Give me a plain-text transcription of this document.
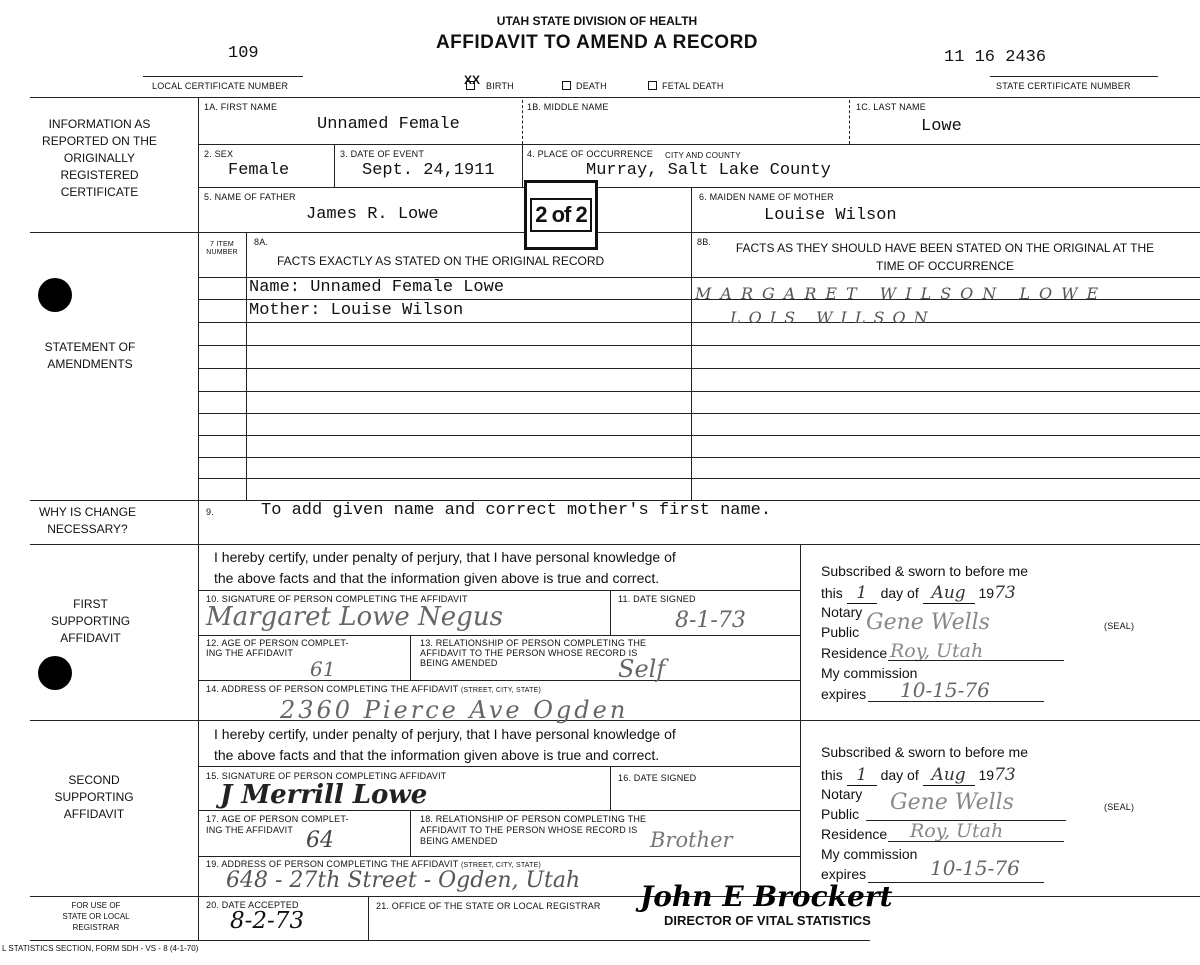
UTAH STATE DIVISION OF HEALTH
AFFIDAVIT TO AMEND A RECORD
109
LOCAL CERTIFICATE NUMBER
11 16 2436
STATE CERTIFICATE NUMBER
XX BIRTH	DEATH	FETAL DEATH
INFORMATION AS REPORTED ON THE ORIGINALLY REGISTERED CERTIFICATE
STATEMENT OF AMENDMENTS
WHY IS CHANGE NECESSARY?
FIRST SUPPORTING AFFIDAVIT
SECOND SUPPORTING AFFIDAVIT
FOR USE OF STATE OR LOCAL REGISTRAR
1A. FIRST NAME
Unnamed Female
1B. MIDDLE NAME	1C. LAST NAME
Lowe
2. SEX
Female
3. DATE OF EVENT
Sept. 24,1911
4. PLACE OF OCCURRENCE CITY AND COUNTY
Murray, Salt Lake County
5. NAME OF FATHER
James R. Lowe
6. MAIDEN NAME OF MOTHER
Louise Wilson
2 of 2
7 ITEM NUMBER
8A.
FACTS EXACTLY AS STATED ON THE ORIGINAL RECORD
8B.	FACTS AS THEY SHOULD HAVE BEEN STATED ON THE ORIGINAL AT THE TIME OF OCCURRENCE
Name: Unnamed Female Lowe	MARGARET WILSON LOWE
Mother: Louise Wilson	LOIS WILSON
9.	To add given name and correct mother's first name.
I hereby certify, under penalty of perjury, that I have personal knowledge of
the above facts and that the information given above is true and correct.
10. SIGNATURE OF PERSON COMPLETING THE AFFIDAVIT
Margaret Lowe Negus
11. DATE SIGNED
8-1-73
12. AGE OF PERSON COMPLET-
ING THE AFFIDAVIT
61
13. RELATIONSHIP OF PERSON COMPLETING THE
AFFIDAVIT TO THE PERSON WHOSE RECORD IS
BEING AMENDED	Self
14. ADDRESS OF PERSON COMPLETING THE AFFIDAVIT (STREET, CITY, STATE)
2360 Pierce Ave Ogden
Subscribed & sworn to before me
this 1 day of Aug 1973
Notary
Public Gene Wells	(SEAL)
Residence Roy, Utah
My commission
expires 10-15-76
I hereby certify, under penalty of perjury, that I have personal knowledge of
the above facts and that the information given above is true and correct.
15. SIGNATURE OF PERSON COMPLETING AFFIDAVIT
J Merrill Lowe
16. DATE SIGNED
17. AGE OF PERSON COMPLET-
ING THE AFFIDAVIT 64
18. RELATIONSHIP OF PERSON COMPLETING THE
AFFIDAVIT TO THE PERSON WHOSE RECORD IS
BEING AMENDED	Brother
19. ADDRESS OF PERSON COMPLETING THE AFFIDAVIT (STREET, CITY, STATE)
648 - 27th Street - Ogden, Utah
Subscribed & sworn to before me
this 1 day of Aug 1973
Notary
Public Gene Wells	(SEAL)
Residence Roy, Utah
My commission
expires	10-15-76
20. DATE ACCEPTED
8-2-73
21. OFFICE OF THE STATE OR LOCAL REGISTRAR John E Brockert
DIRECTOR OF VITAL STATISTICS
L STATISTICS SECTION, FORM SDH - VS - 8 (4-1-70)
